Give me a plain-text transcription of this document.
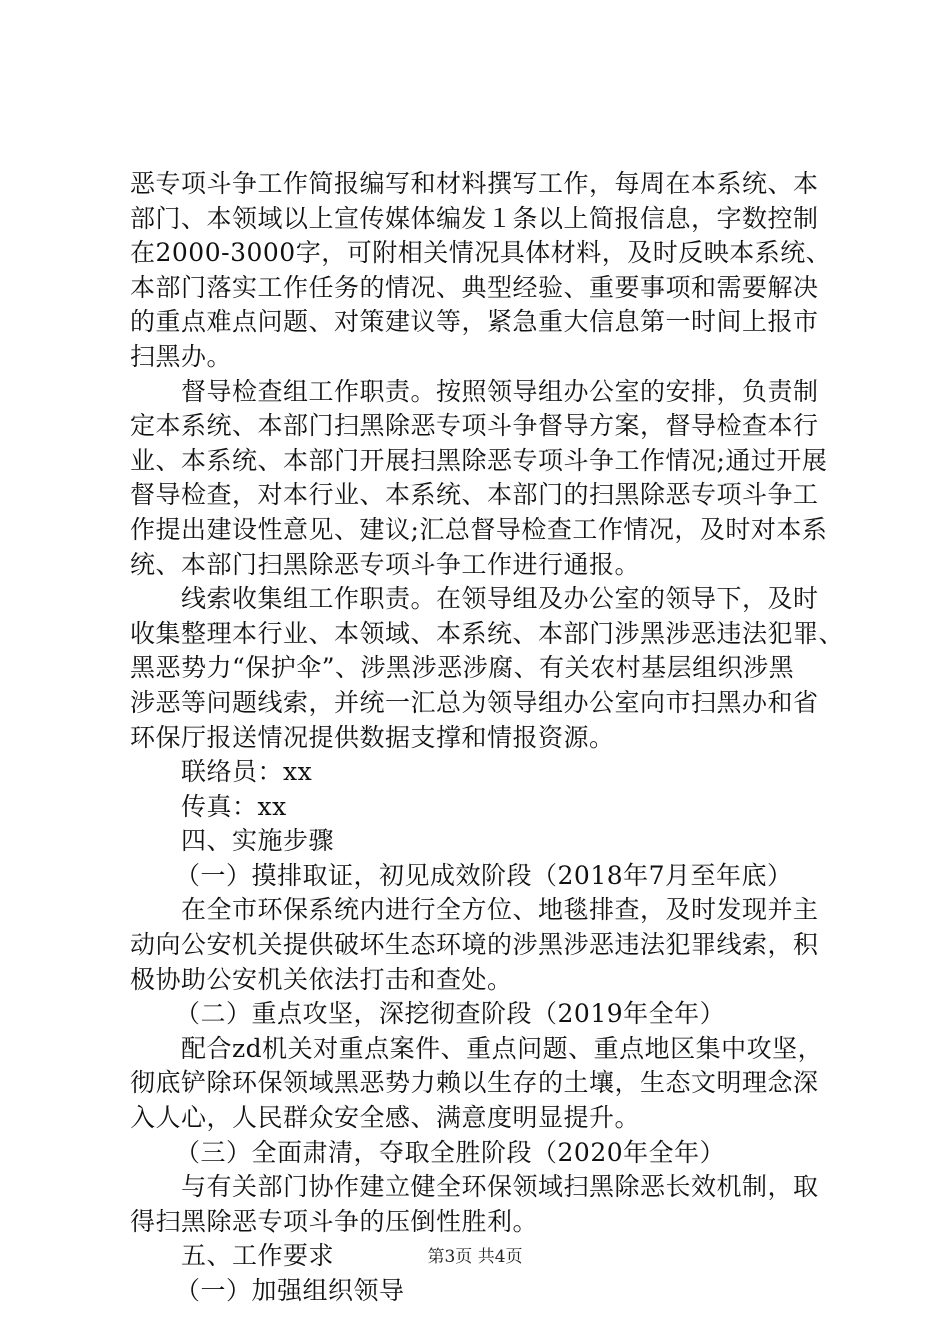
恶专项斗争工作简报编写和材料撰写工作，每周在本系统、本
部门、本领域以上宣传媒体编发１条以上简报信息，字数控制
在2000-3000字，可附相关情况具体材料，及时反映本系统、
本部门落实工作任务的情况、典型经验、重要事项和需要解决
的重点难点问题、对策建议等，紧急重大信息第一时间上报市
扫黑办。
督导检查组工作职责。按照领导组办公室的安排，负责制
定本系统、本部门扫黑除恶专项斗争督导方案，督导检查本行
业、本系统、本部门开展扫黑除恶专项斗争工作情况;通过开展
督导检查，对本行业、本系统、本部门的扫黑除恶专项斗争工
作提出建设性意见、建议;汇总督导检查工作情况，及时对本系
统、本部门扫黑除恶专项斗争工作进行通报。
线索收集组工作职责。在领导组及办公室的领导下，及时
收集整理本行业、本领域、本系统、本部门涉黑涉恶违法犯罪、
黑恶势力“保护伞”、涉黑涉恶涉腐、有关农村基层组织涉黑
涉恶等问题线索，并统一汇总为领导组办公室向市扫黑办和省
环保厅报送情况提供数据支撑和情报资源。
联络员：xx
传真：xx
四、实施步骤
（一）摸排取证，初见成效阶段（2018年7月至年底）
在全市环保系统内进行全方位、地毯排查，及时发现并主
动向公安机关提供破坏生态环境的涉黑涉恶违法犯罪线索，积
极协助公安机关依法打击和查处。
（二）重点攻坚，深挖彻查阶段（2019年全年）
配合zd机关对重点案件、重点问题、重点地区集中攻坚，
彻底铲除环保领域黑恶势力赖以生存的土壤，生态文明理念深
入人心，人民群众安全感、满意度明显提升。
（三）全面肃清，夺取全胜阶段（2020年全年）
与有关部门协作建立健全环保领域扫黑除恶长效机制，取
得扫黑除恶专项斗争的压倒性胜利。
五、工作要求
（一）加强组织领导
第3页 共4页
